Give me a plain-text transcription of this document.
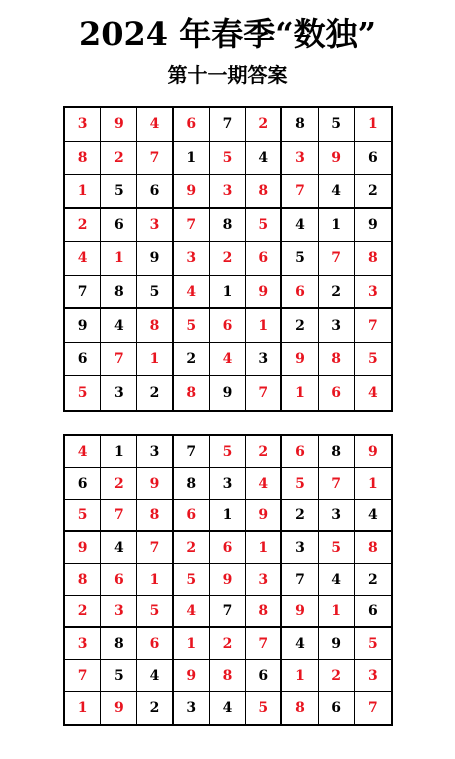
2024 年春季“数独”
第十一期答案
3	9	4	6	7	2	8	5	1
8	2	7	1	5	4	3	9	6
1	5	6	9	3	8	7	4	2
2	6	3	7	8	5	4	1	9
4	1	9	3	2	6	5	7	8
7	8	5	4	1	9	6	2	3
9	4	8	5	6	1	2	3	7
6	7	1	2	4	3	9	8	5
5	3	2	8	9	7	1	6	4
4	1	3	7	5	2	6	8	9
6	2	9	8	3	4	5	7	1
5	7	8	6	1	9	2	3	4
9	4	7	2	6	1	3	5	8
8	6	1	5	9	3	7	4	2
2	3	5	4	7	8	9	1	6
3	8	6	1	2	7	4	9	5
7	5	4	9	8	6	1	2	3
1	9	2	3	4	5	8	6	7
